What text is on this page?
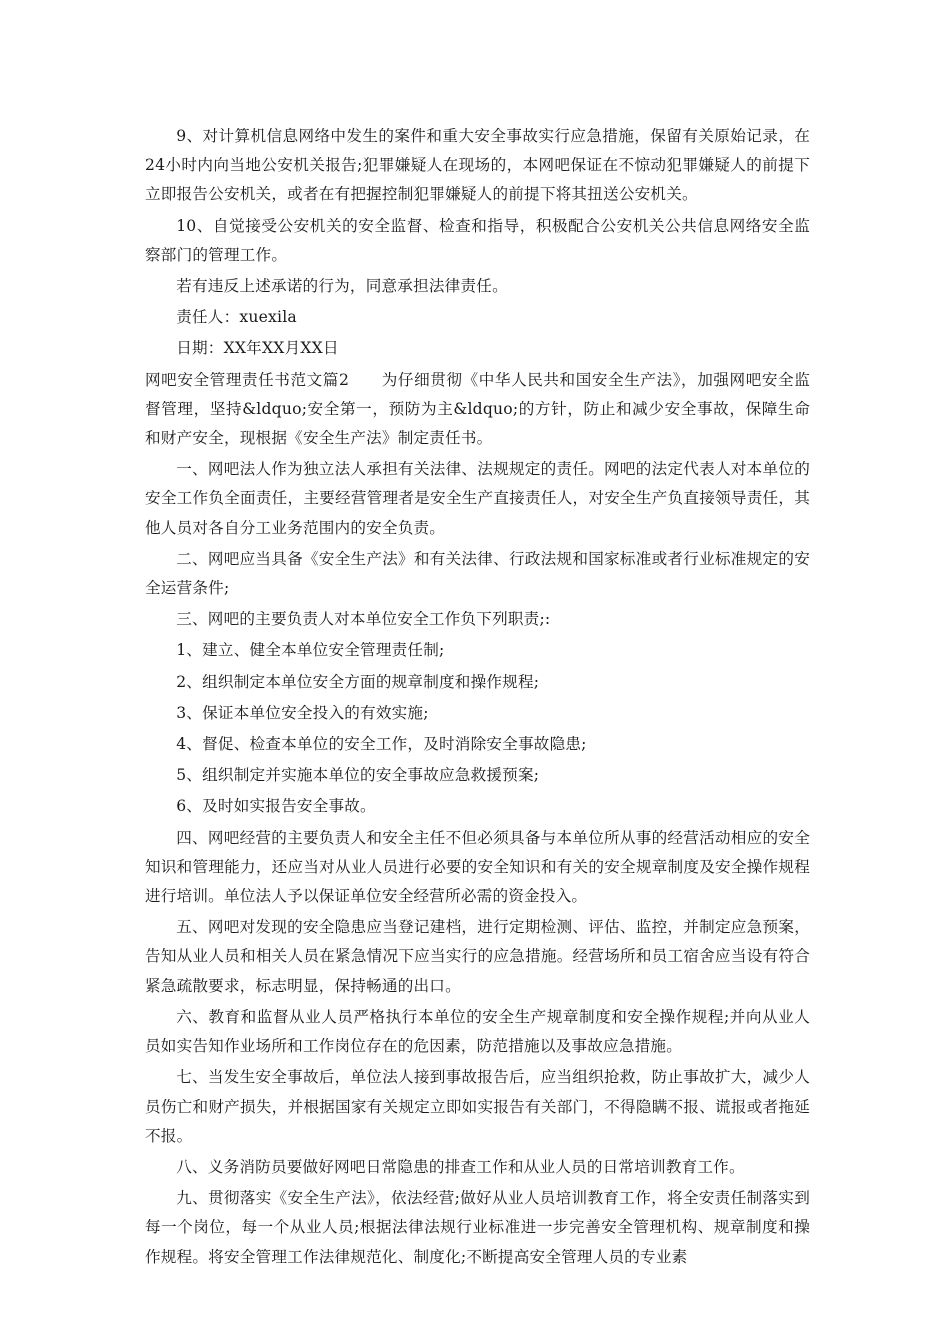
9、对计算机信息网络中发生的案件和重大安全事故实行应急措施，保留有关原始记录，在24小时内向当地公安机关报告;犯罪嫌疑人在现场的，本网吧保证在不惊动犯罪嫌疑人的前提下立即报告公安机关，或者在有把握控制犯罪嫌疑人的前提下将其扭送公安机关。

10、自觉接受公安机关的安全监督、检查和指导，积极配合公安机关公共信息网络安全监察部门的管理工作。

若有违反上述承诺的行为，同意承担法律责任。

责任人：xuexila

日期：XX年XX月XX日

网吧安全管理责任书范文篇2　　为仔细贯彻《中华人民共和国安全生产法》，加强网吧安全监督管理，坚持&ldquo;安全第一，预防为主&ldquo;的方针，防止和减少安全事故，保障生命和财产安全，现根据《安全生产法》制定责任书。

一、网吧法人作为独立法人承担有关法律、法规规定的责任。网吧的法定代表人对本单位的安全工作负全面责任，主要经营管理者是安全生产直接责任人，对安全生产负直接领导责任，其他人员对各自分工业务范围内的安全负责。

二、网吧应当具备《安全生产法》和有关法律、行政法规和国家标准或者行业标准规定的安全运营条件;

三、网吧的主要负责人对本单位安全工作负下列职责;:

1、建立、健全本单位安全管理责任制;

2、组织制定本单位安全方面的规章制度和操作规程;

3、保证本单位安全投入的有效实施;

4、督促、检查本单位的安全工作，及时消除安全事故隐患;

5、组织制定并实施本单位的安全事故应急救援预案;

6、及时如实报告安全事故。

四、网吧经营的主要负责人和安全主任不但必须具备与本单位所从事的经营活动相应的安全知识和管理能力，还应当对从业人员进行必要的安全知识和有关的安全规章制度及安全操作规程进行培训。单位法人予以保证单位安全经营所必需的资金投入。

五、网吧对发现的安全隐患应当登记建档，进行定期检测、评估、监控，并制定应急预案，告知从业人员和相关人员在紧急情况下应当实行的应急措施。经营场所和员工宿舍应当设有符合紧急疏散要求，标志明显，保持畅通的出口。

六、教育和监督从业人员严格执行本单位的安全生产规章制度和安全操作规程;并向从业人员如实告知作业场所和工作岗位存在的危因素，防范措施以及事故应急措施。

七、当发生安全事故后，单位法人接到事故报告后，应当组织抢救，防止事故扩大，减少人员伤亡和财产损失，并根据国家有关规定立即如实报告有关部门，不得隐瞒不报、谎报或者拖延不报。

八、义务消防员要做好网吧日常隐患的排查工作和从业人员的日常培训教育工作。

九、贯彻落实《安全生产法》，依法经营;做好从业人员培训教育工作，将全安责任制落实到每一个岗位，每一个从业人员;根据法律法规行业标准进一步完善安全管理机构、规章制度和操作规程。将安全管理工作法律规范化、制度化;不断提高安全管理人员的专业素
